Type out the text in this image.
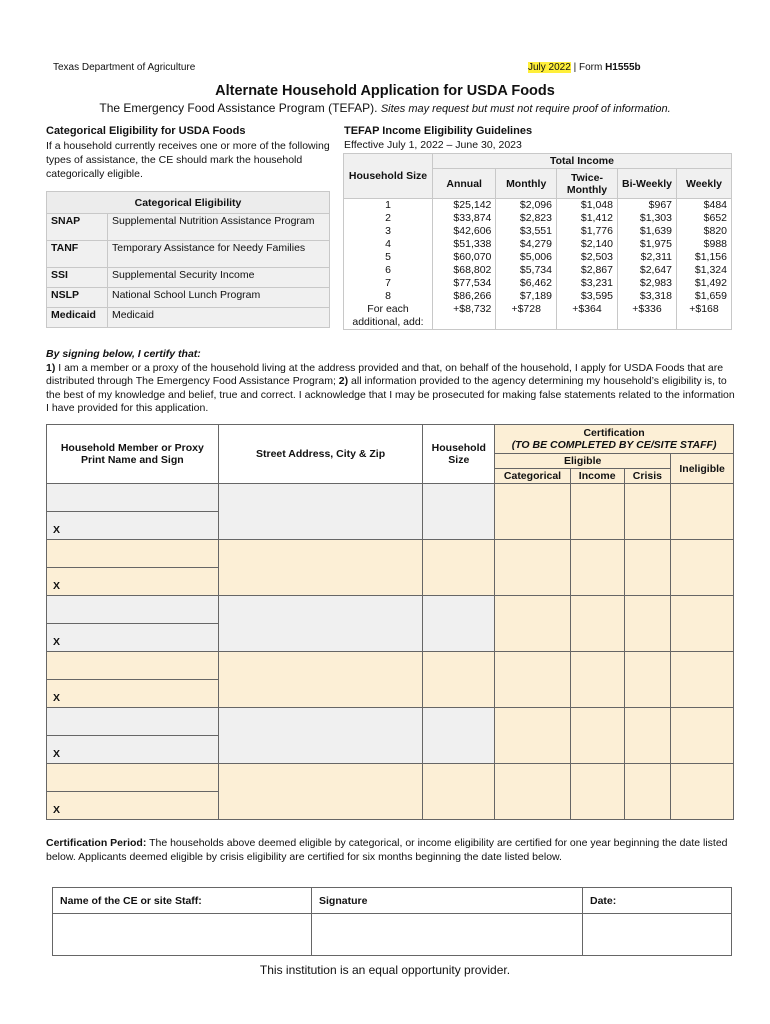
Texas Department of Agriculture	July 2022 | Form H1555b
Alternate Household Application for USDA Foods
The Emergency Food Assistance Program (TEFAP). Sites may request but must not require proof of information.
Categorical Eligibility for USDA Foods
If a household currently receives one or more of the following types of assistance, the CE should mark the household categorically eligible.
Categorical Eligibility	
SNAP	Supplemental Nutrition Assistance Program
TANF	Temporary Assistance for Needy Families
SSI	Supplemental Security Income
NSLP	National School Lunch Program
Medicaid	Medicaid
TEFAP Income Eligibility Guidelines
Effective July 1, 2022 – June 30, 2023
Household Size	Total Income				
	Annual	Monthly	Twice-Monthly	Bi-Weekly	Weekly
1	$25,142	$2,096	$1,048	$967	$484
2	$33,874	$2,823	$1,412	$1,303	$652
3	$42,606	$3,551	$1,776	$1,639	$820
4	$51,338	$4,279	$2,140	$1,975	$988
5	$60,070	$5,006	$2,503	$2,311	$1,156
6	$68,802	$5,734	$2,867	$2,647	$1,324
7	$77,534	$6,462	$3,231	$2,983	$1,492
8	$86,266	$7,189	$3,595	$3,318	$1,659
For each additional, add:	+$8,732	+$728	+$364	+$336	+$168
By signing below, I certify that:
1) I am a member or a proxy of the household living at the address provided and that, on behalf of the household, I apply for USDA Foods that are distributed through The Emergency Food Assistance Program; 2) all information provided to the agency determining my household’s eligibility is, to the best of my knowledge and belief, true and correct. I acknowledge that I may be prosecuted for making false statements related to the information I have provided for this application.
Household Member or Proxy Print Name and Sign	Street Address, City & Zip	Household Size	Certification
(TO BE COMPLETED BY CE/SITE STAFF)			

			Eligible			Ineligible
			Categorical	Income	Crisis	

X						

X						

X						

X						

X						

X						
Certification Period: The households above deemed eligible by categorical, or income eligibility are certified for one year beginning the date listed below. Applicants deemed eligible by crisis eligibility are certified for six months beginning the date listed below.
Name of the CE or site Staff:	Signature	Date:

This institution is an equal opportunity provider.
